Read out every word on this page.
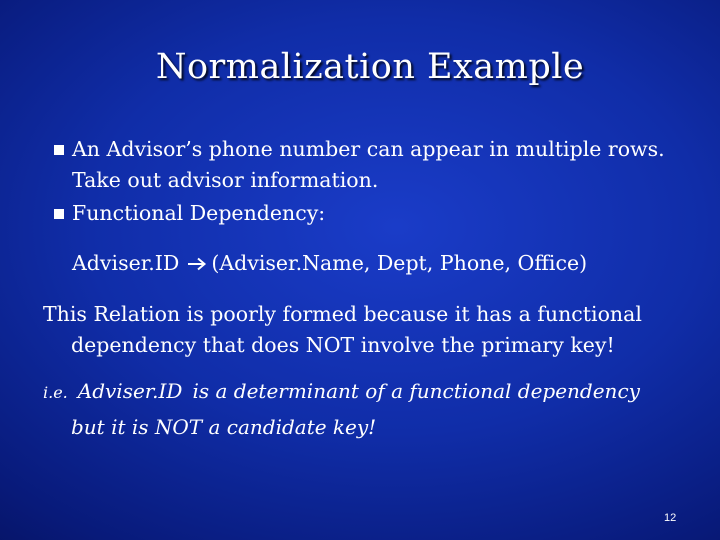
Normalization Example
An Advisor’s phone number can appear in multiple rows. Take out advisor information.
Functional Dependency:
Adviser.ID (Adviser.Name, Dept, Phone, Office)
This Relation is poorly formed because it has a functional
dependency that does NOT involve the primary key!
i.e. Adviser.ID is a determinant of a functional dependency
but it is NOT a candidate key!
12
